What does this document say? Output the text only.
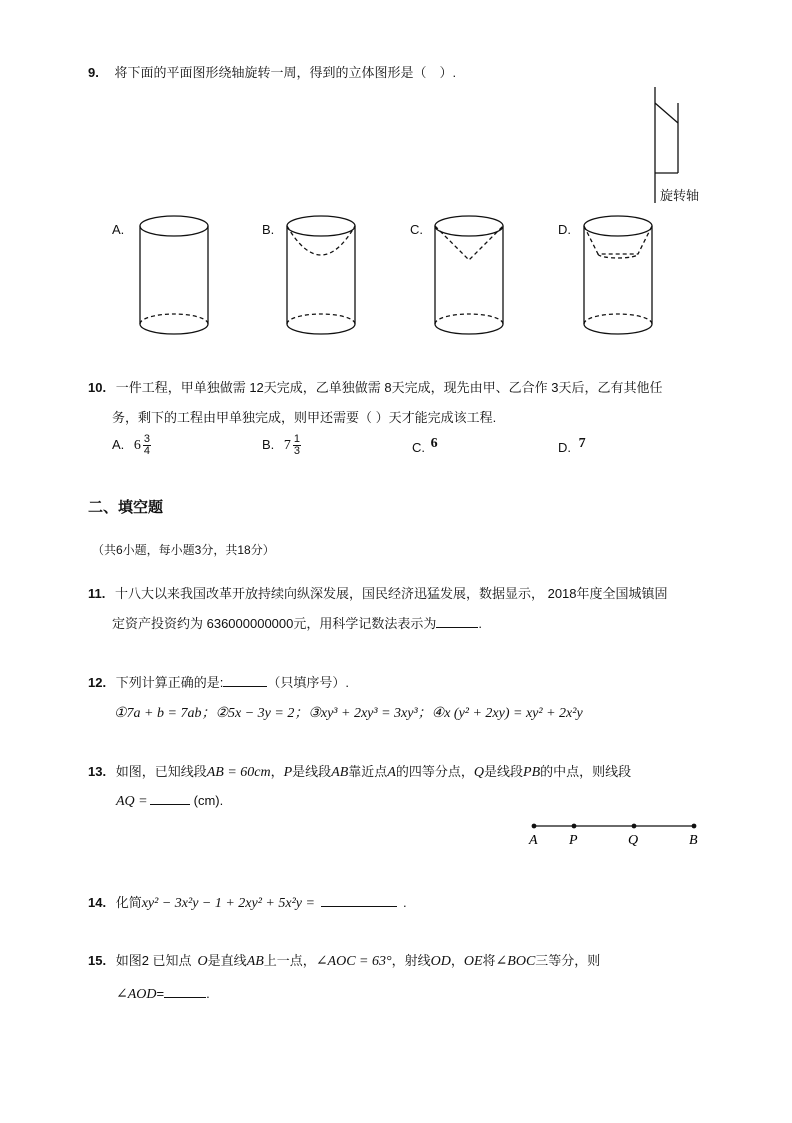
9. 将下面的平面图形绕轴旋转一周，得到的立体图形是（　）.
旋转轴
A.	B.	C.	D.
10. 一件工程，甲单独做需 12天完成，乙单独做需 8天完成，现先由甲、乙合作 3天后，乙有其他任
务，剩下的工程由甲单独完成，则甲还需要（ ）天才能完成该工程.
A. $6 \frac{3}{4}$	B. $7 \frac{1}{3}$	C. 6	D. 7
二、填空题
（共6小题，每小题3分，共18分）
11. 十八大以来我国改革开放持续向纵深发展，国民经济迅猛发展，数据显示， 2018年度全国城镇固
定资产投资约为 636000000000元，用科学记数法表示为	.
12. 下列计算正确的是:	（只填序号）.
①7a + b = 7ab；②5x − 3y = 2；③xy³ + 2xy³ = 3xy³；④x (y² + 2xy) = xy² + 2x²y
13. 如图，已知线段AB = 60cm，P是线段AB靠近点A的四等分点，Q是线段PB的中点，则线段
AQ =	(cm).
A P	Q	B
14. 化简xy² − 3x²y − 1 + 2xy² + 5x²y =	.
15. 如图2 已知点 O是直线AB上一点，∠AOC = 63°，射线OD，OE将∠BOC三等分，则
∠AOD=	.
